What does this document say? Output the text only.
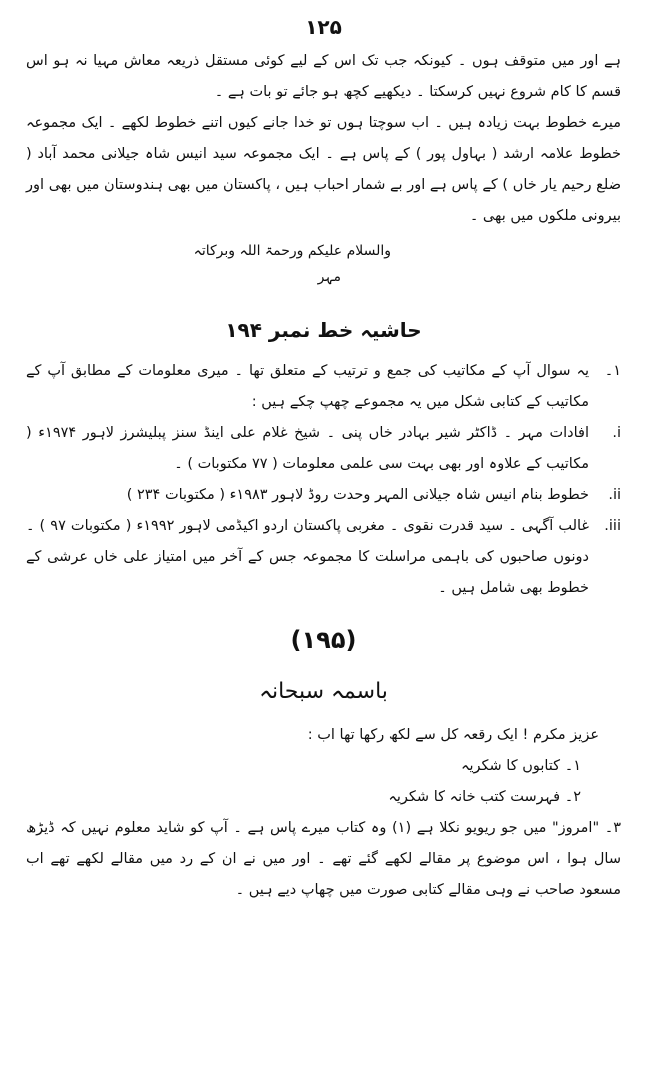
۱۲۵

ہے اور میں متوقف ہوں ۔ کیونکہ جب تک اس کے لیے کوئی مستقل ذریعہ معاش مہیا نہ ہو اس قسم کا کام شروع نہیں کرسکتا ۔ دیکھیے کچھ ہو جائے تو بات ہے ۔

میرے خطوط بہت زیادہ ہیں ۔ اب سوچتا ہوں تو خدا جانے کیوں اتنے خطوط لکھے ۔ ایک مجموعہ خطوط علامہ ارشد ( بہاول پور ) کے پاس ہے ۔ ایک مجموعہ سید انیس شاہ جیلانی محمد آباد ( ضلع رحیم یار خاں ) کے پاس ہے اور بے شمار احباب ہیں ، پاکستان میں بھی ہندوستان میں بھی اور بیرونی ملکوں میں بھی ۔

والسلام علیکم ورحمۃ اللہ وبرکاتہ
مہر
حاشیہ خط نمبر ۱۹۴
۱۔

یہ سوال آپ کے مکاتیب کی جمع و ترتیب کے متعلق تھا ۔ میری معلومات کے مطابق آپ کے مکاتیب کے کتابی شکل میں یہ مجموعے چھپ چکے ہیں :

i.

افادات مہر ۔ ڈاکٹر شیر بہادر خاں پنی ۔ شیخ غلام علی اینڈ سنز پبلیشرز لاہور ۱۹۷۴ء ( مکاتیب کے علاوہ اور بھی بہت سی علمی معلومات ( ۷۷ مکتوبات ) ۔

ii.

خطوط بنام انیس شاہ جیلانی المہر وحدت روڈ لاہور ۱۹۸۳ء ( مکتوبات ۲۳۴ )

iii.

غالب آگہی ۔ سید قدرت نقوی ۔ مغربی پاکستان اردو اکیڈمی لاہور ۱۹۹۲ء ( مکتوبات ۹۷ ) ۔ دونوں صاحبوں کی باہمی مراسلت کا مجموعہ جس کے آخر میں امتیاز علی خاں عرشی کے خطوط بھی شامل ہیں ۔

(۱۹۵)
باسمہ سبحانہ

عزیز مکرم ! ایک رقعہ کل سے لکھ رکھا تھا اب :

۱۔ کتابوں کا شکریہ

۲۔ فہرست کتب خانہ کا شکریہ

۳۔ "امروز" میں جو ریویو نکلا ہے (۱) وہ کتاب میرے پاس ہے ۔ آپ کو شاید معلوم نہیں کہ ڈیڑھ سال ہوا ، اس موضوع پر مقالے لکھے گئے تھے ۔ اور میں نے ان کے رد میں مقالے لکھے تھے اب مسعود صاحب نے وہی مقالے کتابی صورت میں چھاپ دیے ہیں ۔
